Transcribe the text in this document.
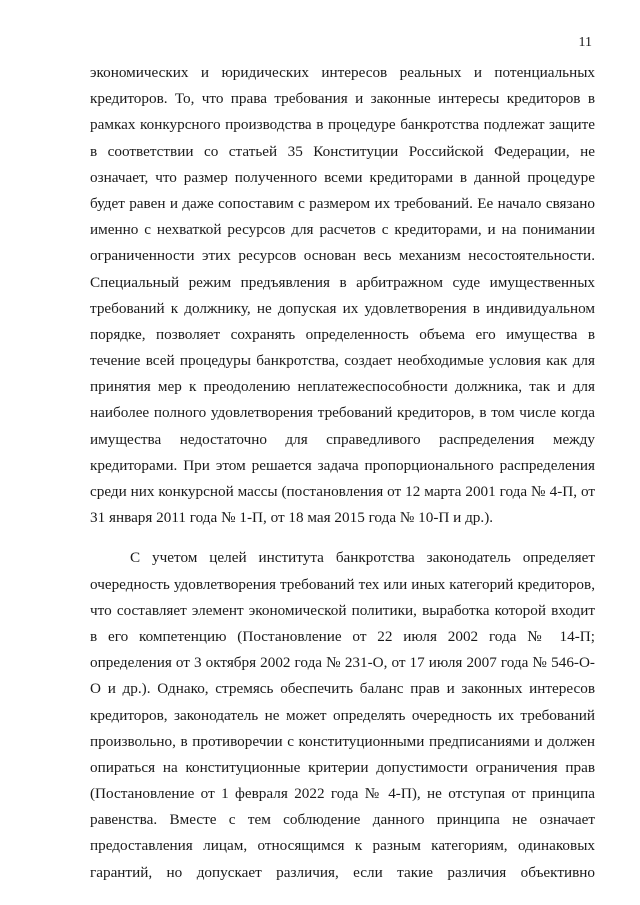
11
экономических и юридических интересов реальных и потенциальных
кредиторов. То, что права требования и законные интересы кредиторов в
рамках конкурсного производства в процедуре банкротства подлежат защите
в соответствии со статьей 35 Конституции Российской Федерации, не
означает, что размер полученного всеми кредиторами в данной процедуре
будет равен и даже сопоставим с размером их требований. Ее начало связано
именно с нехваткой ресурсов для расчетов с кредиторами, и на понимании
ограниченности этих ресурсов основан весь механизм несостоятельности.
Специальный режим предъявления в арбитражном суде имущественных
требований к должнику, не допуская их удовлетворения в индивидуальном
порядке, позволяет сохранять определенность объема его имущества в
течение всей процедуры банкротства, создает необходимые условия как для
принятия мер к преодолению неплатежеспособности должника, так и для
наиболее полного удовлетворения требований кредиторов, в том числе когда
имущества недостаточно для справедливого распределения между
кредиторами. При этом решается задача пропорционального распределения
среди них конкурсной массы (постановления от 12 марта 2001 года № 4-П, от
31 января 2011 года № 1-П, от 18 мая 2015 года № 10-П и др.).
С учетом целей института банкротства законодатель определяет
очередность удовлетворения требований тех или иных категорий кредиторов,
что составляет элемент экономической политики, выработка которой входит
в его компетенцию (Постановление от 22 июля 2002 года № 14-П;
определения от 3 октября 2002 года № 231-О, от 17 июля 2007 года № 546-О-
О и др.). Однако, стремясь обеспечить баланс прав и законных интересов
кредиторов, законодатель не может определять очередность их требований
произвольно, в противоречии с конституционными предписаниями и должен
опираться на конституционные критерии допустимости ограничения прав
(Постановление от 1 февраля 2022 года № 4-П), не отступая от принципа
равенства. Вместе с тем соблюдение данного принципа не означает
предоставления лицам, относящимся к разным категориям, одинаковых
гарантий, но допускает различия, если такие различия объективно
